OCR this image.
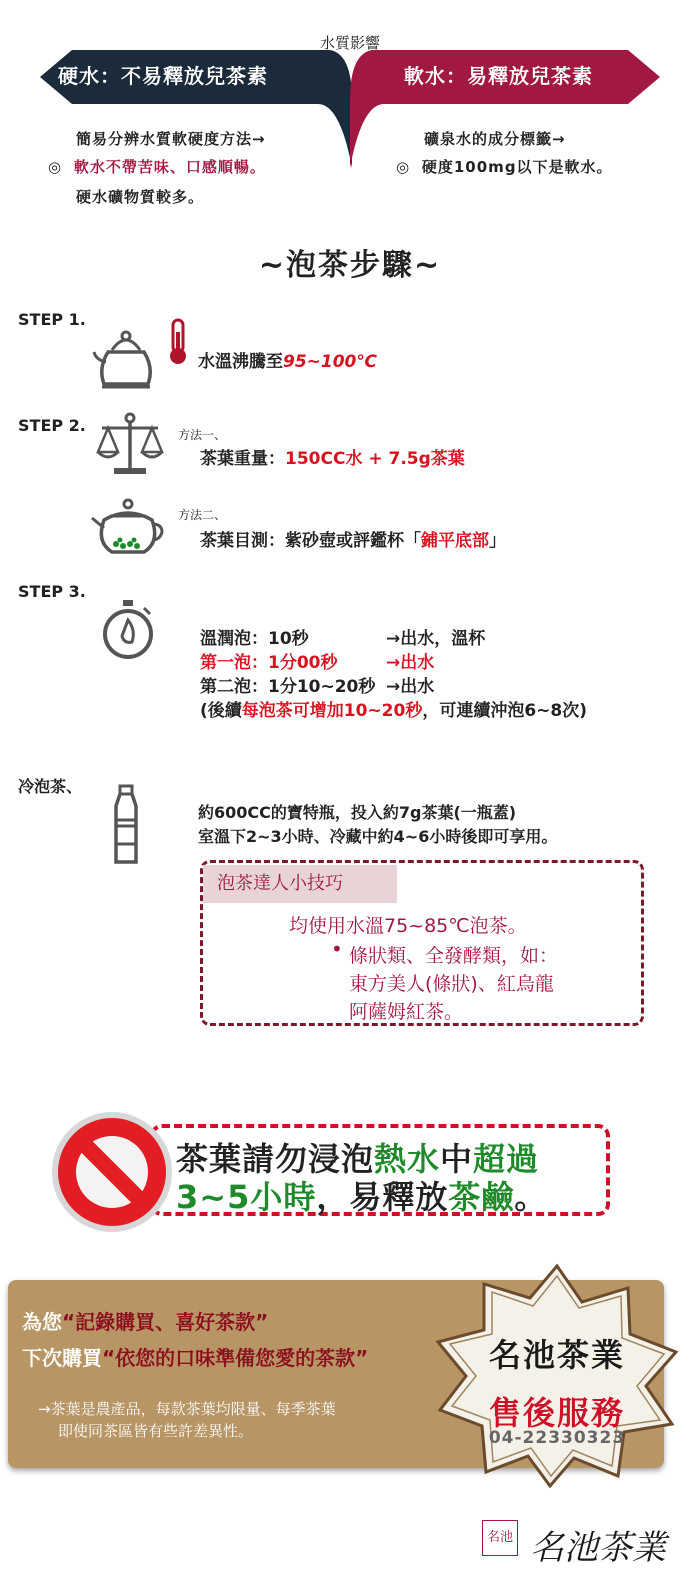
水質影響
硬水：不易釋放兒茶素	軟水：易釋放兒茶素
簡易分辨水質軟硬度方法→
◎ 軟水不帶苦味、口感順暢。
硬水礦物質較多。
礦泉水的成分標籤→
◎ 硬度100mg以下是軟水。
~泡茶步驟~
STEP 1.
水溫沸騰至95~100℃
STEP 2.	方法一、
茶葉重量：150CC水 + 7.5g茶葉
方法二、
茶葉目測：紫砂壺或評鑑杯「鋪平底部」
STEP 3.
溫潤泡：10秒	→出水，溫杯
第一泡：1分00秒	→出水
第二泡：1分10~20秒 →出水
(後續每泡茶可增加10~20秒，可連續沖泡6~8次)
冷泡茶、
約600CC的寶特瓶，投入約7g茶葉(一瓶蓋)
室溫下2~3小時、冷藏中約4~6小時後即可享用。
泡茶達人小技巧
均使用水溫75~85℃泡茶。
• 條狀類、全發酵類，如：
東方美人(條狀)、紅烏龍
阿薩姆紅茶。
茶葉請勿浸泡熱水中超過
3~5小時，易釋放茶鹼。
為您“記錄購買、喜好茶款”
下次購買“依您的口味準備您愛的茶款”
→茶葉是農產品，每款茶葉均限量、每季茶葉
即使同茶區皆有些許差異性。
名池茶業
售後服務
04-22330323
名池 名池茶業
